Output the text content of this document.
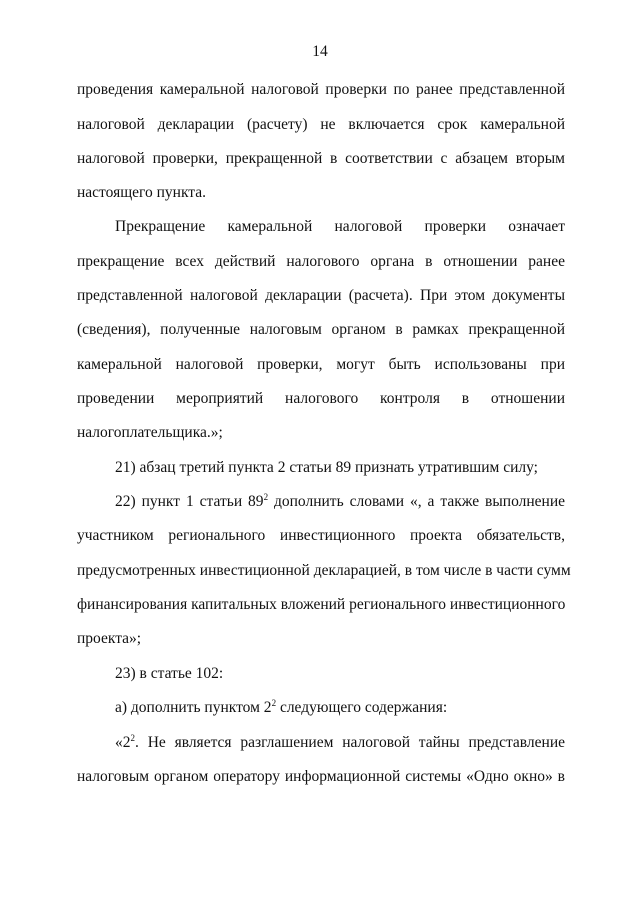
14
проведения камеральной налоговой проверки по ранее представленной
налоговой декларации (расчету) не включается срок камеральной
налоговой проверки, прекращенной в соответствии с абзацем вторым
настоящего пункта.
Прекращение камеральной налоговой проверки означает
прекращение всех действий налогового органа в отношении ранее
представленной налоговой декларации (расчета). При этом документы
(сведения), полученные налоговым органом в рамках прекращенной
камеральной налоговой проверки, могут быть использованы при
проведении мероприятий налогового контроля в отношении
налогоплательщика.»;
21) абзац третий пункта 2 статьи 89 признать утратившим силу;
22) пункт 1 статьи $89^2$ дополнить словами «, а также выполнение
участником регионального инвестиционного проекта обязательств,
предусмотренных инвестиционной декларацией, в том числе в части сумм
финансирования капитальных вложений регионального инвестиционного
проекта»;
23) в статье 102:
а) дополнить пунктом $2^2$ следующего содержания:
«$2^2$. Не является разглашением налоговой тайны представление
налоговым органом оператору информационной системы «Одно окно» в
